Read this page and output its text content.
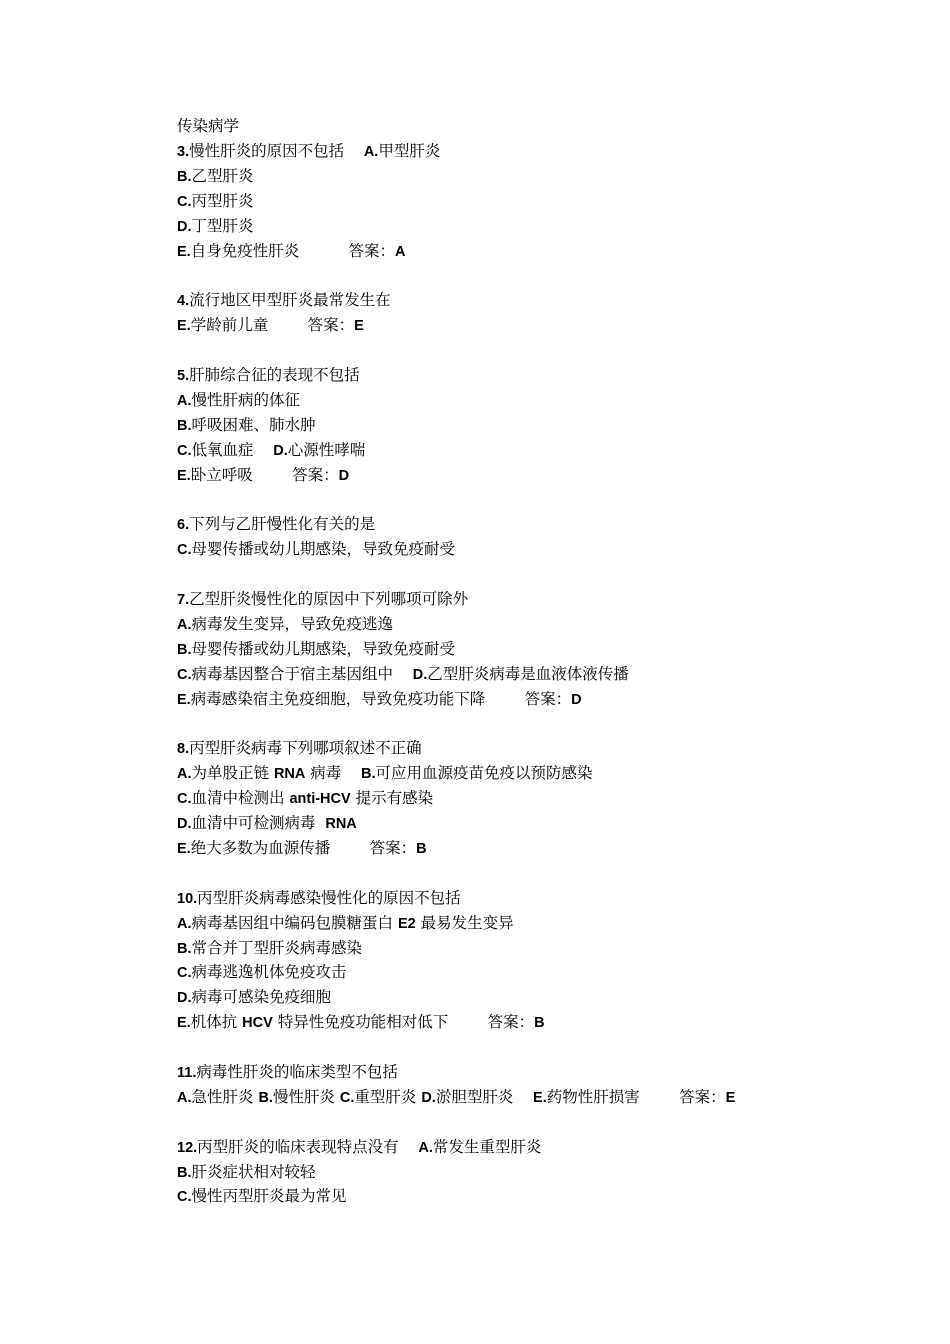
传染病学
3.慢性肝炎的原因不包括    A.甲型肝炎
B.乙型肝炎
C.丙型肝炎
D.丁型肝炎
E.自身免疫性肝炎          答案：A
4.流行地区甲型肝炎最常发生在
E.学龄前儿童        答案：E
5.肝肺综合征的表现不包括
A.慢性肝病的体征
B.呼吸困难、肺水肿
C.低氧血症    D.心源性哮喘
E.卧立呼吸        答案：D
6.下列与乙肝慢性化有关的是
C.母婴传播或幼儿期感染，导致免疫耐受
7.乙型肝炎慢性化的原因中下列哪项可除外
A.病毒发生变异，导致免疫逃逸
B.母婴传播或幼儿期感染，导致免疫耐受
C.病毒基因整合于宿主基因组中    D.乙型肝炎病毒是血液体液传播
E.病毒感染宿主免疫细胞，导致免疫功能下降        答案：D
8.丙型肝炎病毒下列哪项叙述不正确
A.为单股正链 RNA 病毒    B.可应用血源疫苗免疫以预防感染
C.血清中检测出 anti-HCV 提示有感染
D.血清中可检测病毒  RNA
E.绝大多数为血源传播        答案：B
10.丙型肝炎病毒感染慢性化的原因不包括
A.病毒基因组中编码包膜糖蛋白 E2 最易发生变异
B.常合并丁型肝炎病毒感染
C.病毒逃逸机体免疫攻击
D.病毒可感染免疫细胞
E.机体抗 HCV 特异性免疫功能相对低下        答案：B
11.病毒性肝炎的临床类型不包括
A.急性肝炎 B.慢性肝炎 C.重型肝炎 D.淤胆型肝炎    E.药物性肝损害        答案：E
12.丙型肝炎的临床表现特点没有    A.常发生重型肝炎
B.肝炎症状相对较轻
C.慢性丙型肝炎最为常见
